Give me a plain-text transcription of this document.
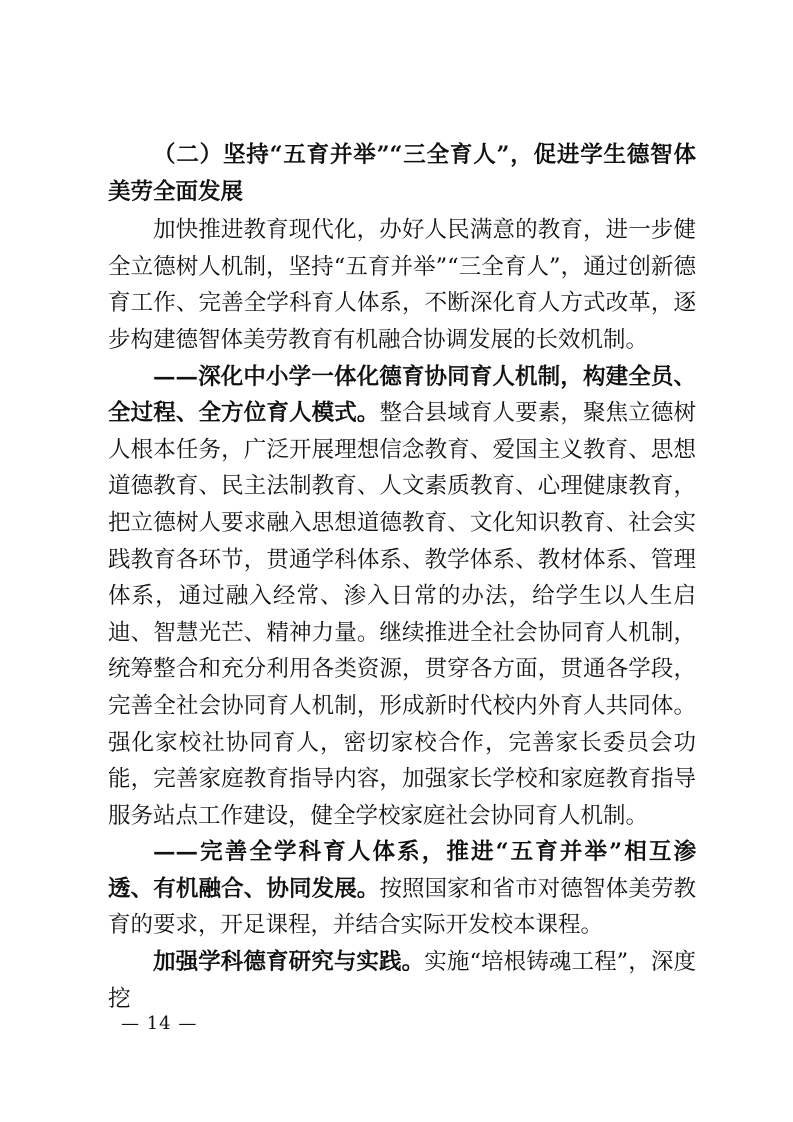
（二）坚持“五育并举”“三全育人”，促进学生德智体美劳全面发展

加快推进教育现代化，办好人民满意的教育，进一步健全立德树人机制，坚持“五育并举”“三全育人”，通过创新德育工作、完善全学科育人体系，不断深化育人方式改革，逐步构建德智体美劳教育有机融合协调发展的长效机制。

——深化中小学一体化德育协同育人机制，构建全员、全过程、全方位育人模式。整合县域育人要素，聚焦立德树人根本任务，广泛开展理想信念教育、爱国主义教育、思想道德教育、民主法制教育、人文素质教育、心理健康教育，把立德树人要求融入思想道德教育、文化知识教育、社会实践教育各环节，贯通学科体系、教学体系、教材体系、管理体系，通过融入经常、渗入日常的办法，给学生以人生启迪、智慧光芒、精神力量。继续推进全社会协同育人机制，统筹整合和充分利用各类资源，贯穿各方面，贯通各学段，完善全社会协同育人机制，形成新时代校内外育人共同体。强化家校社协同育人，密切家校合作，完善家长委员会功能，完善家庭教育指导内容，加强家长学校和家庭教育指导服务站点工作建设，健全学校家庭社会协同育人机制。

——完善全学科育人体系，推进“五育并举”相互渗透、有机融合、协同发展。按照国家和省市对德智体美劳教育的要求，开足课程，并结合实际开发校本课程。

加强学科德育研究与实践。实施“培根铸魂工程”，深度挖

— 14 —
